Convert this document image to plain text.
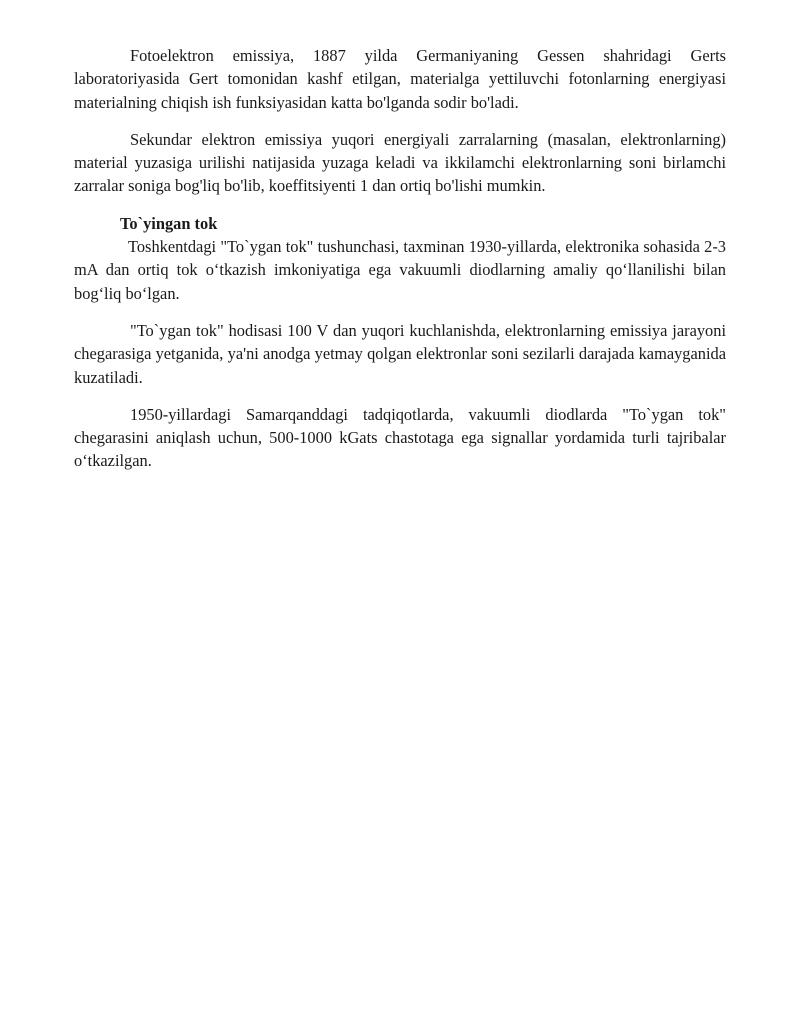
Fotoelektron emissiya, 1887 yilda Germaniyaning Gessen shahridagi Gerts laboratoriyasida Gert tomonidan kashf etilgan, materialga yettiluvchi fotonlarning energiyasi materialning chiqish ish funksiyasidan katta bo'lganda sodir bo'ladi.

Sekundar elektron emissiya yuqori energiyali zarralarning (masalan, elektronlarning) material yuzasiga urilishi natijasida yuzaga keladi va ikkilamchi elektronlarning soni birlamchi zarralar soniga bog'liq bo'lib, koeffitsiyenti 1 dan ortiq bo'lishi mumkin.

To`yingan tok

Toshkentdagi "To`ygan tok" tushunchasi, taxminan 1930-yillarda, elektronika sohasida 2-3 mA dan ortiq tok o‘tkazish imkoniyatiga ega vakuumli diodlarning amaliy qo‘llanilishi bilan bog‘liq bo‘lgan.

"To`ygan tok" hodisasi 100 V dan yuqori kuchlanishda, elektronlarning emissiya jarayoni chegarasiga yetganida, ya'ni anodga yetmay qolgan elektronlar soni sezilarli darajada kamayganida kuzatiladi.

1950-yillardagi Samarqanddagi tadqiqotlarda, vakuumli diodlarda "To`ygan tok" chegarasini aniqlash uchun, 500-1000 kGats chastotaga ega signallar yordamida turli tajribalar o‘tkazilgan.
